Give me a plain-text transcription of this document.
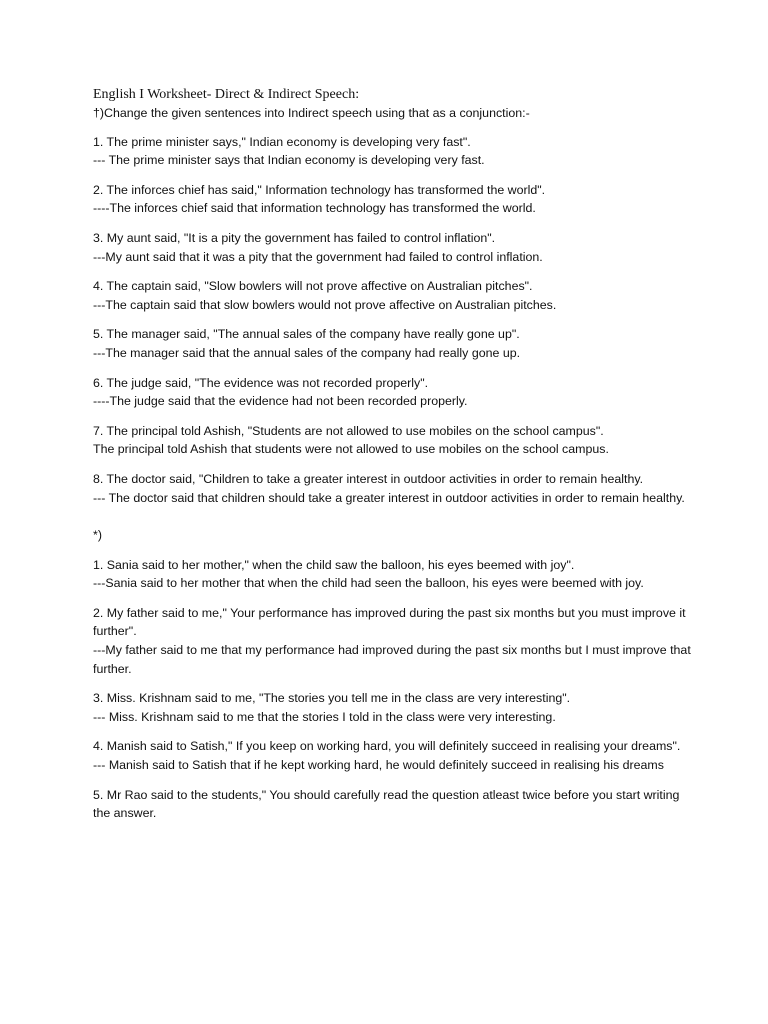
English I Worksheet- Direct & Indirect Speech:

†)Change the given sentences into Indirect speech using that as a conjunction:-

1. The prime minister says," Indian economy is developing very fast".

--- The prime minister says that Indian economy is developing very fast.

2. The inforces chief has said," Information technology has transformed the world".

----The inforces chief said that information technology has transformed the world.

3. My aunt said, "It is a pity the government has failed to control inflation".

---My aunt said that it was a pity that the government had failed to control inflation.

4. The captain said, "Slow bowlers will not prove affective on Australian pitches".

---The captain said that slow bowlers would not prove affective on Australian pitches.

5. The manager said, "The annual sales of the company have really gone up".

---The manager said that the annual sales of the company had really gone up.

6. The judge said, "The evidence was not recorded properly".

----The judge said that the evidence had not been recorded properly.

7. The principal told Ashish, "Students are not allowed to use mobiles on the school campus".

The principal told Ashish that students were not allowed to use mobiles on the school campus.

8. The doctor said, "Children to take a greater interest in outdoor activities in order to remain healthy.

--- The doctor said that children should take a greater interest in outdoor activities in order to remain healthy.

*)

1. Sania said to her mother," when the child saw the balloon, his eyes beemed with joy".

---Sania said to her mother that when the child had seen the balloon, his eyes were beemed with joy.

2. My father said to me," Your performance has improved during the past six months but you must improve it further".

---My father said to me that my performance had improved during the past six months but I must improve that further.

3. Miss. Krishnam said to me, "The stories you tell me in the class are very interesting".

--- Miss. Krishnam said to me that the stories I told in the class were very interesting.

4. Manish said to Satish," If you keep on working hard, you will definitely succeed in realising your dreams".

--- Manish said to Satish that if he kept working hard, he would definitely succeed in realising his dreams

5. Mr Rao said to the students," You should carefully read the question atleast twice before you start writing the answer.
